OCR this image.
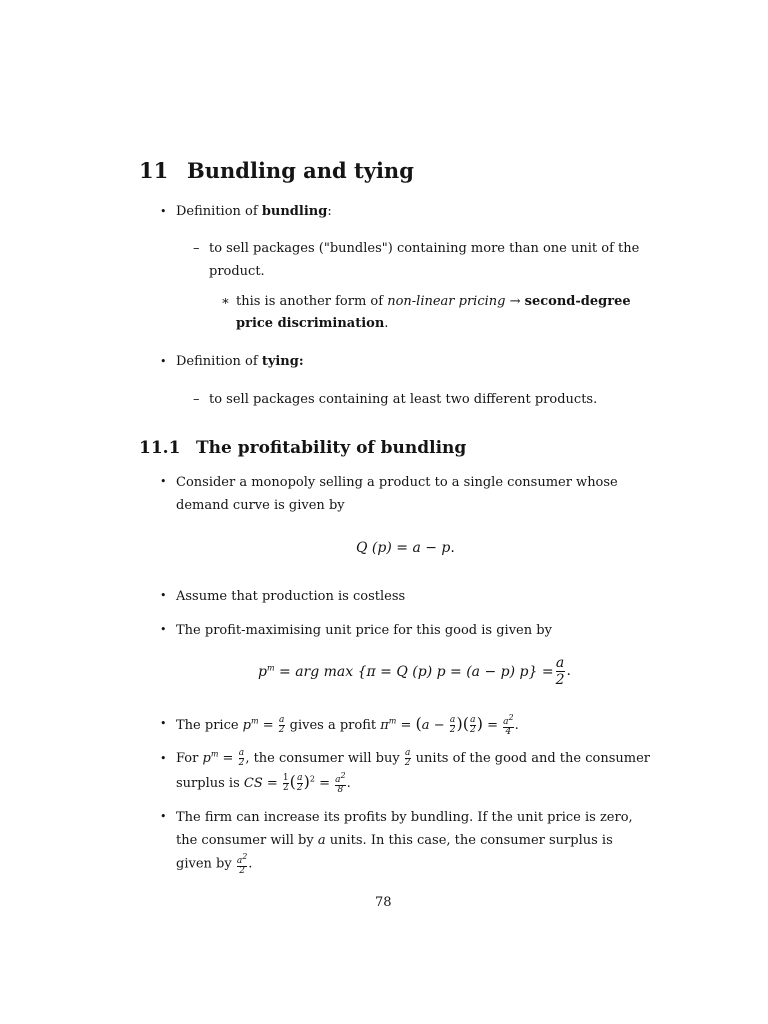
11 Bundling and tying
• Definition of bundling:
– to sell packages ("bundles") containing more than one unit of the
product.
∗ this is another form of non-linear pricing → second-degree
price discrimination.
• Definition of tying:
– to sell packages containing at least two different products.
11.1 The profitability of bundling
• Consider a monopoly selling a product to a single consumer whose
demand curve is given by
Q (p) = a − p.
• Assume that production is costless
• The profit-maximising unit price for this good is given by
$p^m$ = arg max {π = Q (p) p = (a − p) $p\} = \frac{a}{2}$ .
• The price $p^m = \frac{a}{2}$ gives a profit $\pi^m = (a - \frac{a}{2}$ )( $\frac{a}{2}$ ) = $\frac{a^2}{4}$ .
• For $p^m = \frac{a}{2}$ , the consumer will buy $\frac{a}{2}$ units of the good and the consumer
surplus is CS = $\frac{1}{2}$ ( $\frac{a}{2} )^2 = \frac{a^2}{8}$ .
• The firm can increase its profits by bundling. If the unit price is zero,
the consumer will by a units. In this case, the consumer surplus is
given by $\frac{a^2}{2}$ .
78
